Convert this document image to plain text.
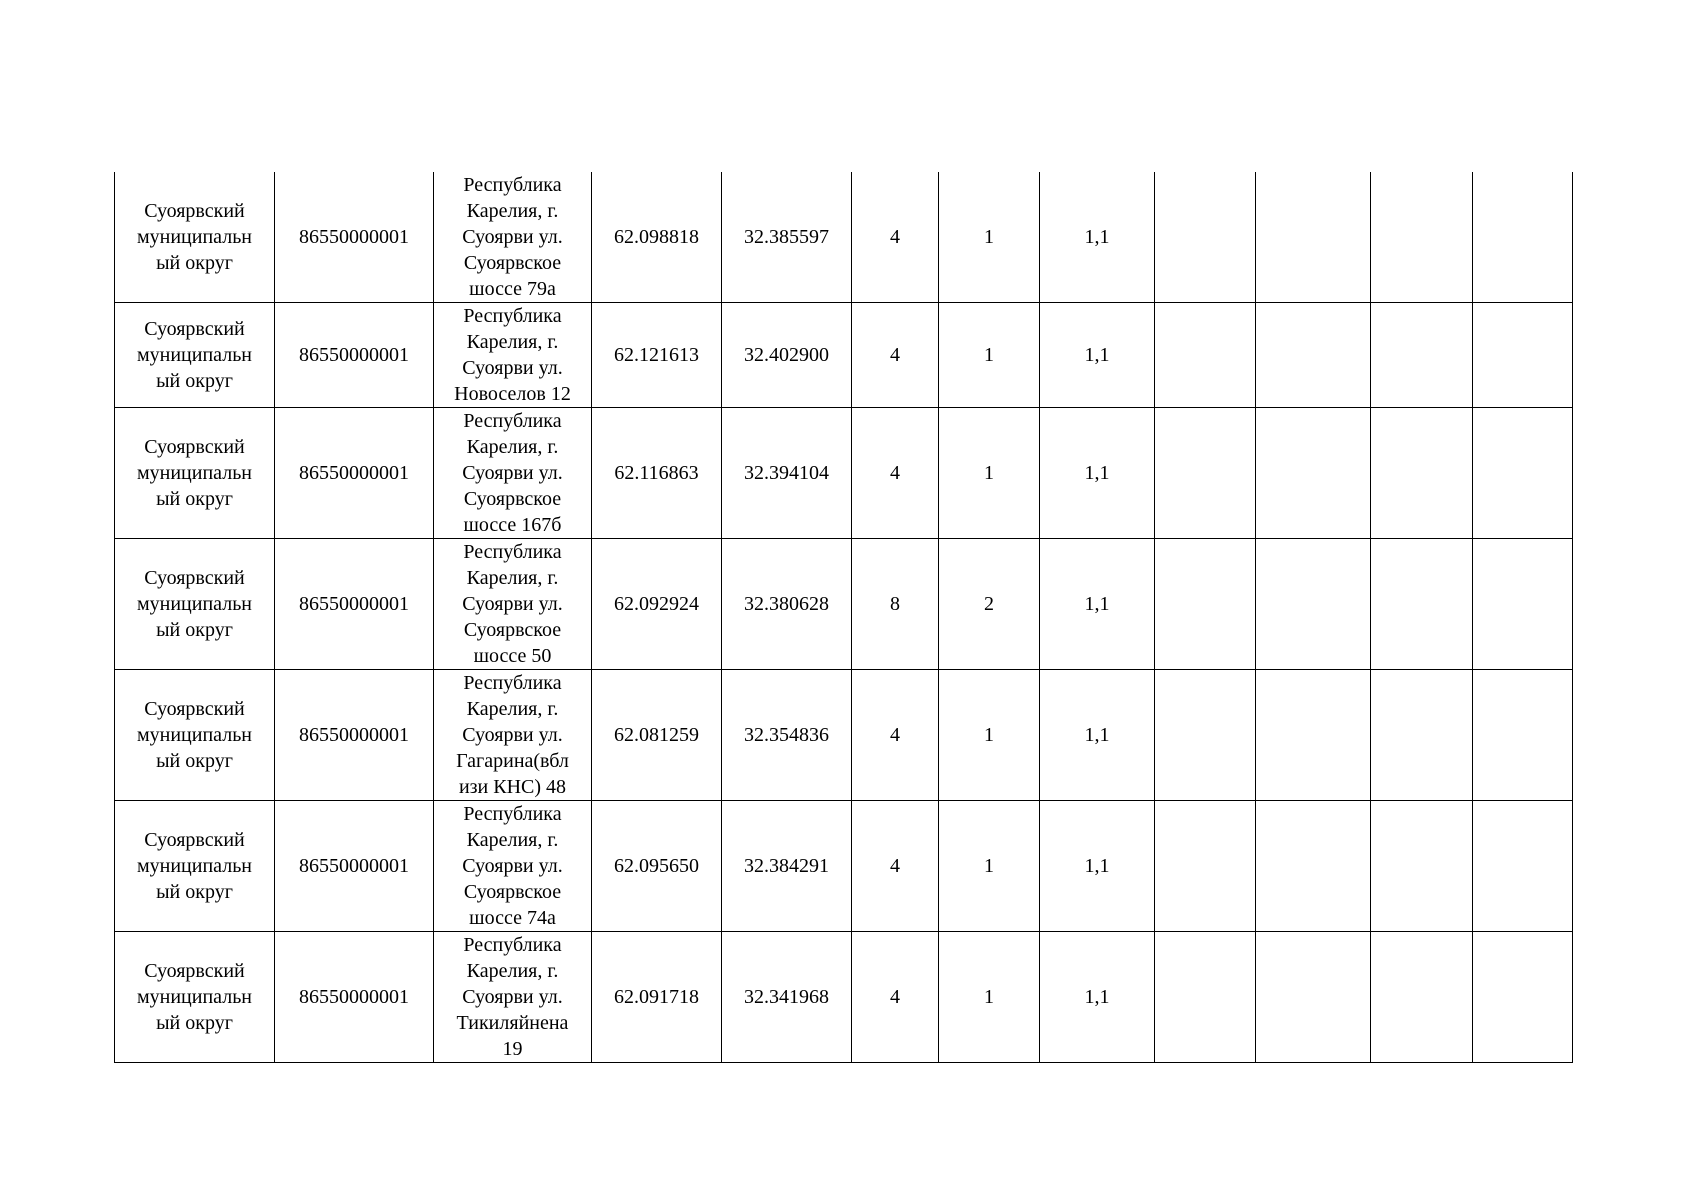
Суоярвский
муниципальн
ый округ	86550000001	Республика
Карелия, г.
Суоярви ул.
Суоярвское
шоссе 79а	62.098818	32.385597	4	1	1,1				

Суоярвский
муниципальн
ый округ	86550000001	Республика
Карелия, г.
Суоярви ул.
Новоселов 12	62.121613	32.402900	4	1	1,1				

Суоярвский
муниципальн
ый округ	86550000001	Республика
Карелия, г.
Суоярви ул.
Суоярвское
шоссе 167б	62.116863	32.394104	4	1	1,1				

Суоярвский
муниципальн
ый округ	86550000001	Республика
Карелия, г.
Суоярви ул.
Суоярвское
шоссе 50	62.092924	32.380628	8	2	1,1				

Суоярвский
муниципальн
ый округ	86550000001	Республика
Карелия, г.
Суоярви ул.
Гагарина(вбл
изи КНС) 48	62.081259	32.354836	4	1	1,1				

Суоярвский
муниципальн
ый округ	86550000001	Республика
Карелия, г.
Суоярви ул.
Суоярвское
шоссе 74а	62.095650	32.384291	4	1	1,1				

Суоярвский
муниципальн
ый округ	86550000001	Республика
Карелия, г.
Суоярви ул.
Тикиляйнена
19	62.091718	32.341968	4	1	1,1				
